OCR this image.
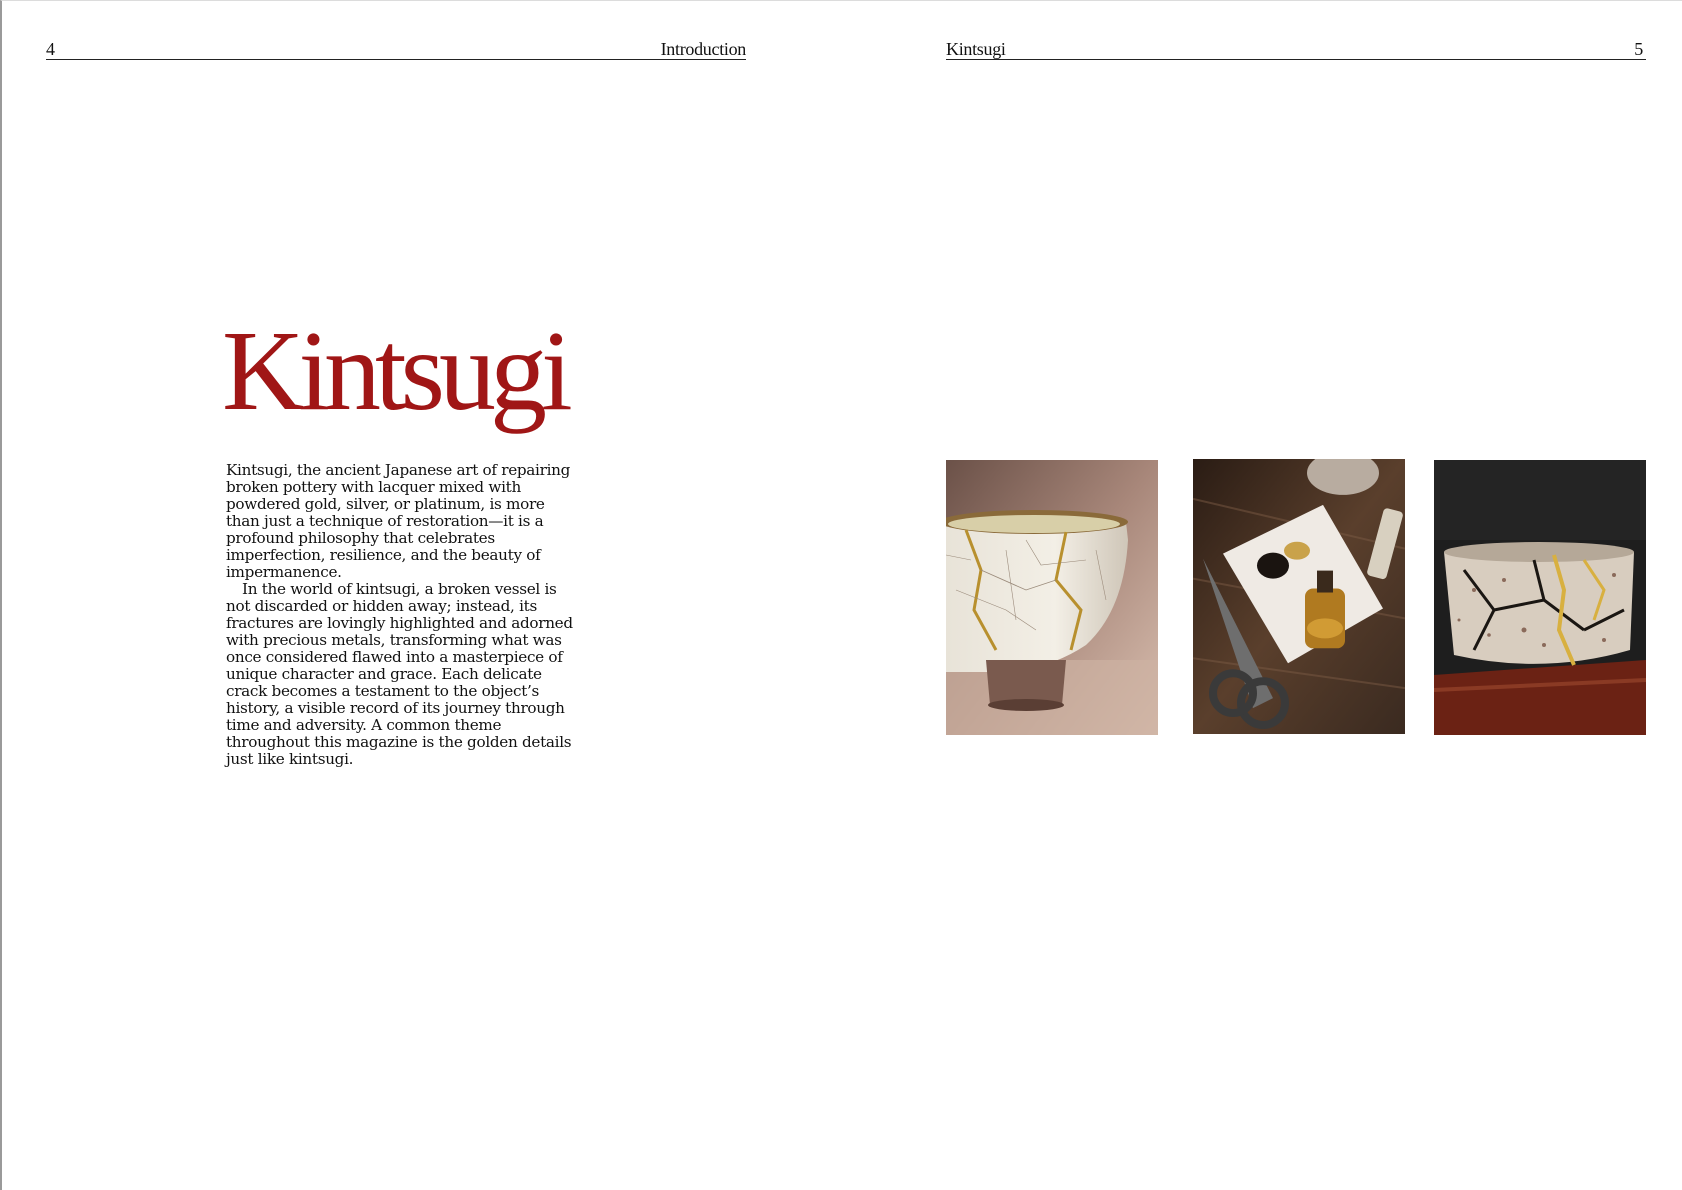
4	Introduction	Kintsugi	5
Kintsugi

Kintsugi, the ancient Japanese art of repairing broken pottery with lacquer mixed with powdered gold, silver, or platinum, is more than just a technique of restoration—it is a profound philosophy that celebrates imperfection, resilience, and the beauty of impermanence.

In the world of kintsugi, a broken vessel is not discarded or hidden away; instead, its fractures are lovingly highlighted and adorned with precious metals, transforming what was once considered flawed into a masterpiece of unique character and grace. Each delicate crack becomes a testament to the object’s history, a visible record of its journey through time and adversity. A common theme throughout this magazine is the golden details just like kintsugi.
